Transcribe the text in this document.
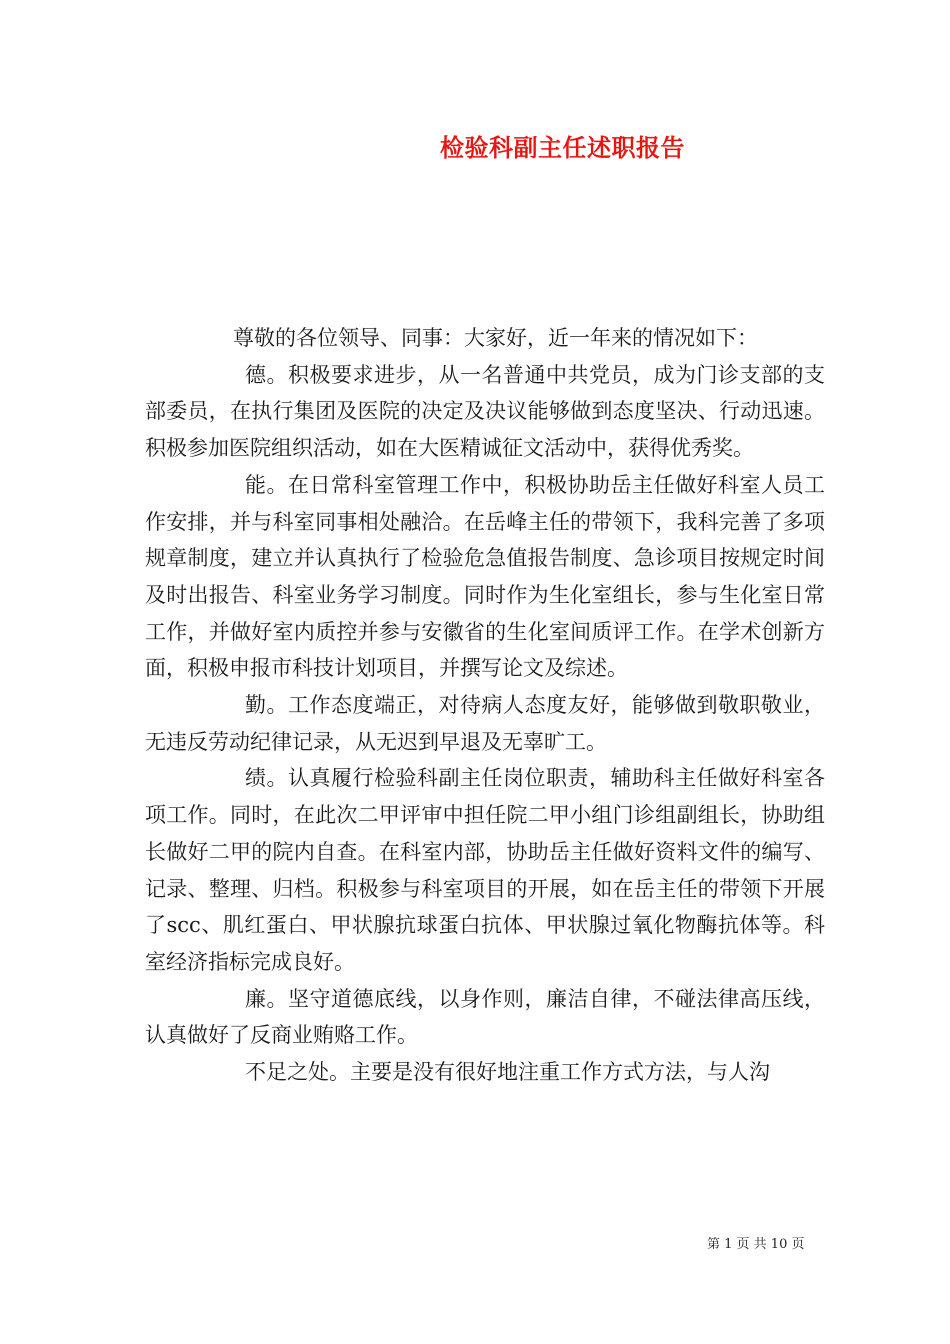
检验科副主任述职报告

尊敬的各位领导、同事：大家好，近一年来的情况如下：

德。积极要求进步，从一名普通中共党员，成为门诊支部的支部委员，在执行集团及医院的决定及决议能够做到态度坚决、行动迅速。积极参加医院组织活动，如在大医精诚征文活动中，获得优秀奖。

能。在日常科室管理工作中，积极协助岳主任做好科室人员工作安排，并与科室同事相处融洽。在岳峰主任的带领下，我科完善了多项规章制度，建立并认真执行了检验危急值报告制度、急诊项目按规定时间及时出报告、科室业务学习制度。同时作为生化室组长，参与生化室日常工作，并做好室内质控并参与安徽省的生化室间质评工作。在学术创新方面，积极申报市科技计划项目，并撰写论文及综述。

勤。工作态度端正，对待病人态度友好，能够做到敬职敬业，无违反劳动纪律记录，从无迟到早退及无辜旷工。

绩。认真履行检验科副主任岗位职责，辅助科主任做好科室各项工作。同时，在此次二甲评审中担任院二甲小组门诊组副组长，协助组长做好二甲的院内自查。在科室内部，协助岳主任做好资料文件的编写、记录、整理、归档。积极参与科室项目的开展，如在岳主任的带领下开展了scc、肌红蛋白、甲状腺抗球蛋白抗体、甲状腺过氧化物酶抗体等。科室经济指标完成良好。

廉。坚守道德底线，以身作则，廉洁自律，不碰法律高压线，认真做好了反商业贿赂工作。

不足之处。主要是没有很好地注重工作方式方法，与人沟

第 1 页 共 10 页
